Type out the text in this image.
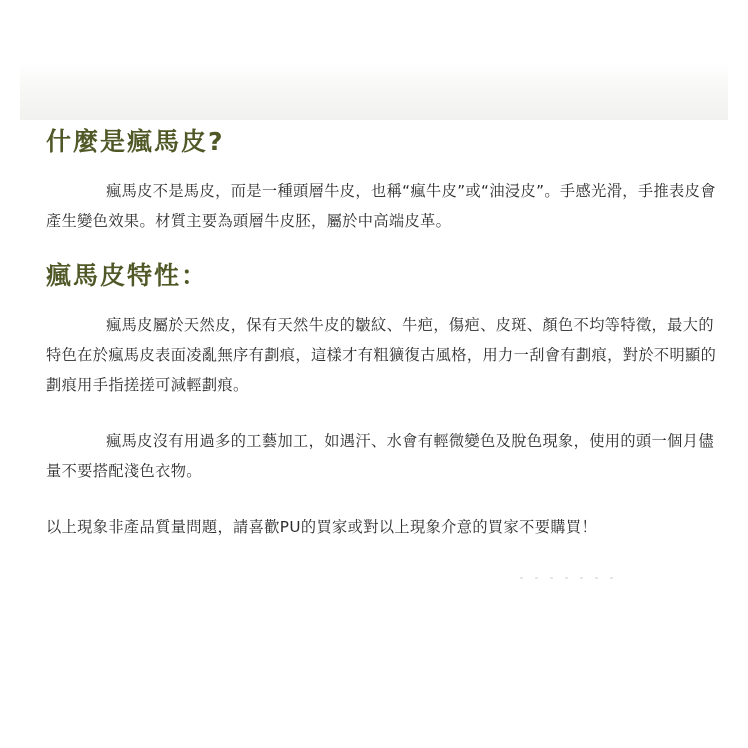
什麼是瘋馬皮?

瘋馬皮不是馬皮，而是一種頭層牛皮，也稱“瘋牛皮”或“油浸皮”。手感光滑，手推表皮會產生變色效果。材質主要為頭層牛皮胚，屬於中高端皮革。

瘋馬皮特性：

瘋馬皮屬於天然皮，保有天然牛皮的皺紋、牛疤，傷疤、皮斑、顏色不均等特徵，最大的特色在於瘋馬皮表面凌亂無序有劃痕，這樣才有粗獷復古風格，用力一刮會有劃痕，對於不明顯的劃痕用手指搓搓可減輕劃痕。

瘋馬皮沒有用過多的工藝加工，如遇汗、水會有輕微變色及脫色現象，使用的頭一個月儘量不要搭配淺色衣物。

以上現象非產品質量問題，請喜歡PU的買家或對以上現象介意的買家不要購買！
